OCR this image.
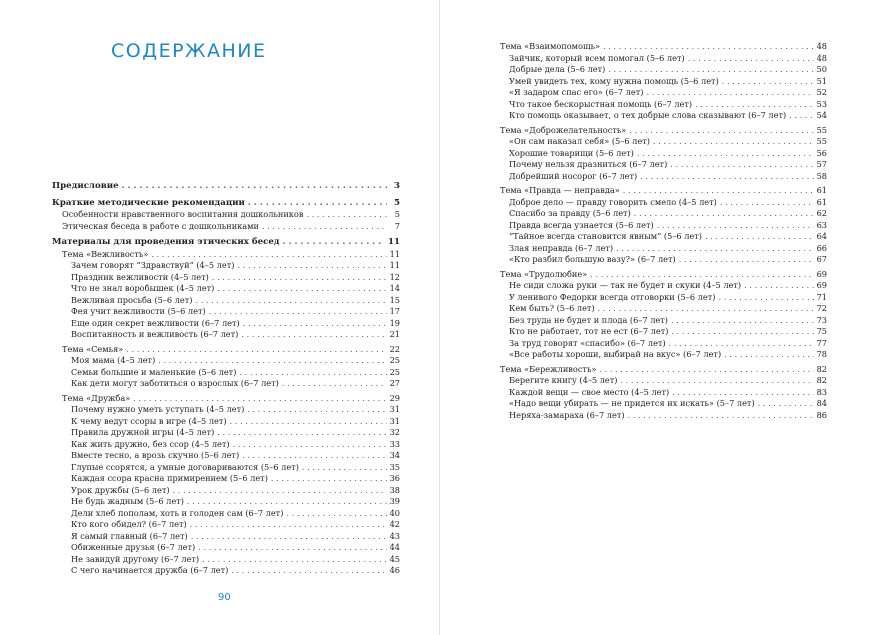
СОДЕРЖАНИЕ
Предисловие . . .	3
Краткие методические рекомендации . . .	5
Особенности нравственного воспитания дошкольников . . .	5
Этическая беседа в работе с дошкольниками . . .	7
Материалы для проведения этических бесед . . .	11
Тема «Вежливость» . . .	11
Зачем говорят “Здравствуй” (4–5 лет) . . .	11
Праздник вежливости (4–5 лет) . . .	12
Что не знал воробышек (4–5 лет) . . .	14
Вежливая просьба (5–6 лет) . . .	15
Фея учит вежливости (5–6 лет) . . .	17
Еще один секрет вежливости (6–7 лет) . . .	19
Воспитанность и вежливость (6–7 лет) . . .	21
Тема «Семья» . . .	22
Моя мама (4–5 лет) . . .	25
Семьи большие и маленькие (5–6 лет) . . .	25
Как дети могут заботиться о взрослых (6–7 лет) . . .	27
Тема «Дружба» . . .	29
Почему нужно уметь уступать (4–5 лет) . . .	31
К чему ведут ссоры в игре (4–5 лет) . . .	31
Правила дружной игры (4–5 лет) . . .	32
Как жить дружно, без ссор (4–5 лет) . . .	33
Вместе тесно, а врозь скучно (5–6 лет) . . .	34
Глупые ссорятся, а умные договариваются (5–6 лет) . . .	35
Каждая ссора красна примирением (5–6 лет) . . .	36
Урок дружбы (5–6 лет) . . .	38
Не будь жадным (5–6 лет) . . .	39
Дели хлеб пополам, хоть и голоден сам (6–7 лет) . . .	40
Кто кого обидел? (6–7 лет) . . .	42
Я самый главный (6–7 лет) . . .	43
Обиженные друзья (6–7 лет) . . .	44
Не завидуй другому (6–7 лет) . . .	45
С чего начинается дружба (6–7 лет) . . .	46
90
Тема «Взаимопомощь» . . .	48
Зайчик, который всем помогал (5–6 лет) . . .	48
Добрые дела (5–6 лет) . . .	50
Умей увидеть тех, кому нужна помощь (5–6 лет) . . .	51
«Я задаром спас его» (6–7 лет) . . .	52
Что такое бескорыстная помощь (6–7 лет) . . .	53
Кто помощь оказывает, о тех добрые слова сказывают (6–7 лет) . . .	54
Тема «Доброжелательность» . . .	55
«Он сам наказал себя» (5–6 лет) . . .	55
Хорошие товарищи (5–6 лет) . . .	56
Почему нельзя дразниться (6–7 лет) . . .	57
Добрейший носорог (6–7 лет) . . .	58
Тема «Правда — неправда» . . .	61
Доброе дело — правду говорить смело (4–5 лет) . . .	61
Спасибо за правду (5–6 лет) . . .	62
Правда всегда узнается (5–6 лет) . . .	63
“Тайное всегда становится явным” (5–6 лет) . . .	64
Злая неправда (6–7 лет) . . .	66
«Кто разбил большую вазу?» (6–7 лет) . . .	67
Тема «Трудолюбие» . . .	69
Не сиди сложа руки — так не будет и скуки (4–5 лет) . . .	69
У ленивого Федорки всегда отговорки (5–6 лет) . . .	71
Кем быть? (5–6 лет) . . .	72
Без труда не будет и плода (6–7 лет) . . .	73
Кто не работает, тот не ест (6–7 лет) . . .	75
За труд говорят «спасибо» (6–7 лет) . . .	77
«Все работы хороши, выбирай на вкус» (6–7 лет) . . .	78
Тема «Бережливость» . . .	82
Берегите книгу (4–5 лет) . . .	82
Каждой вещи — свое место (4–5 лет) . . .	83
«Надо вещи убирать — не придется их искать» (5–7 лет) . . .	84
Неряха-замараха (6–7 лет) . . .	86
